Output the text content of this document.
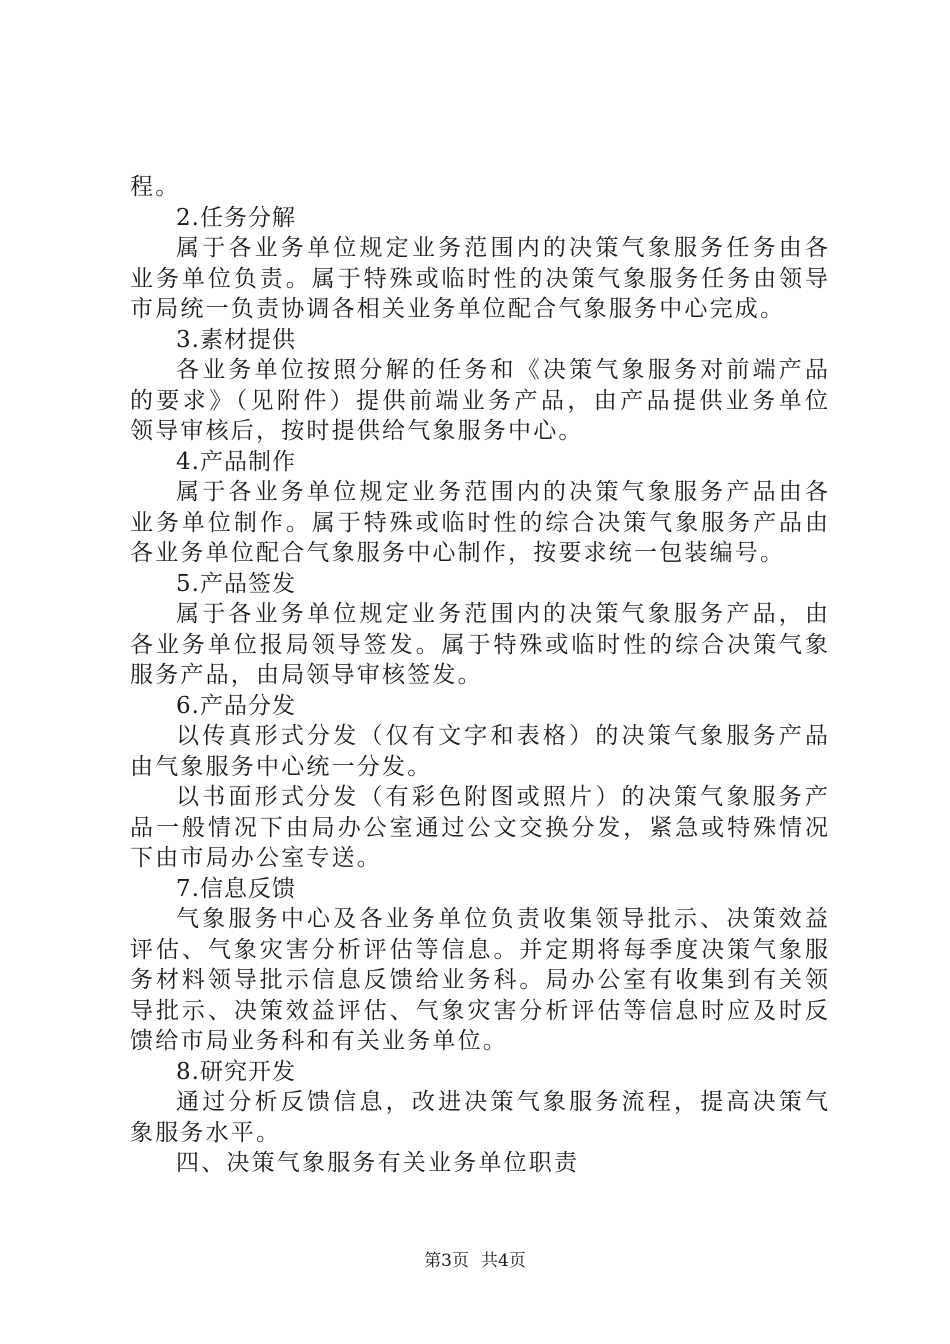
程。
2.任务分解
属于各业务单位规定业务范围内的决策气象服务任务由各
业务单位负责。属于特殊或临时性的决策气象服务任务由领导
市局统一负责协调各相关业务单位配合气象服务中心完成。
3.素材提供
各业务单位按照分解的任务和《决策气象服务对前端产品
的要求》（见附件）提供前端业务产品，由产品提供业务单位
领导审核后，按时提供给气象服务中心。
4.产品制作
属于各业务单位规定业务范围内的决策气象服务产品由各
业务单位制作。属于特殊或临时性的综合决策气象服务产品由
各业务单位配合气象服务中心制作，按要求统一包装编号。
5.产品签发
属于各业务单位规定业务范围内的决策气象服务产品，由
各业务单位报局领导签发。属于特殊或临时性的综合决策气象
服务产品，由局领导审核签发。
6.产品分发
以传真形式分发（仅有文字和表格）的决策气象服务产品
由气象服务中心统一分发。
以书面形式分发（有彩色附图或照片）的决策气象服务产
品一般情况下由局办公室通过公文交换分发，紧急或特殊情况
下由市局办公室专送。
7.信息反馈
气象服务中心及各业务单位负责收集领导批示、决策效益
评估、气象灾害分析评估等信息。并定期将每季度决策气象服
务材料领导批示信息反馈给业务科。局办公室有收集到有关领
导批示、决策效益评估、气象灾害分析评估等信息时应及时反
馈给市局业务科和有关业务单位。
8.研究开发
通过分析反馈信息，改进决策气象服务流程，提高决策气
象服务水平。
四、决策气象服务有关业务单位职责
第3页 共4页
